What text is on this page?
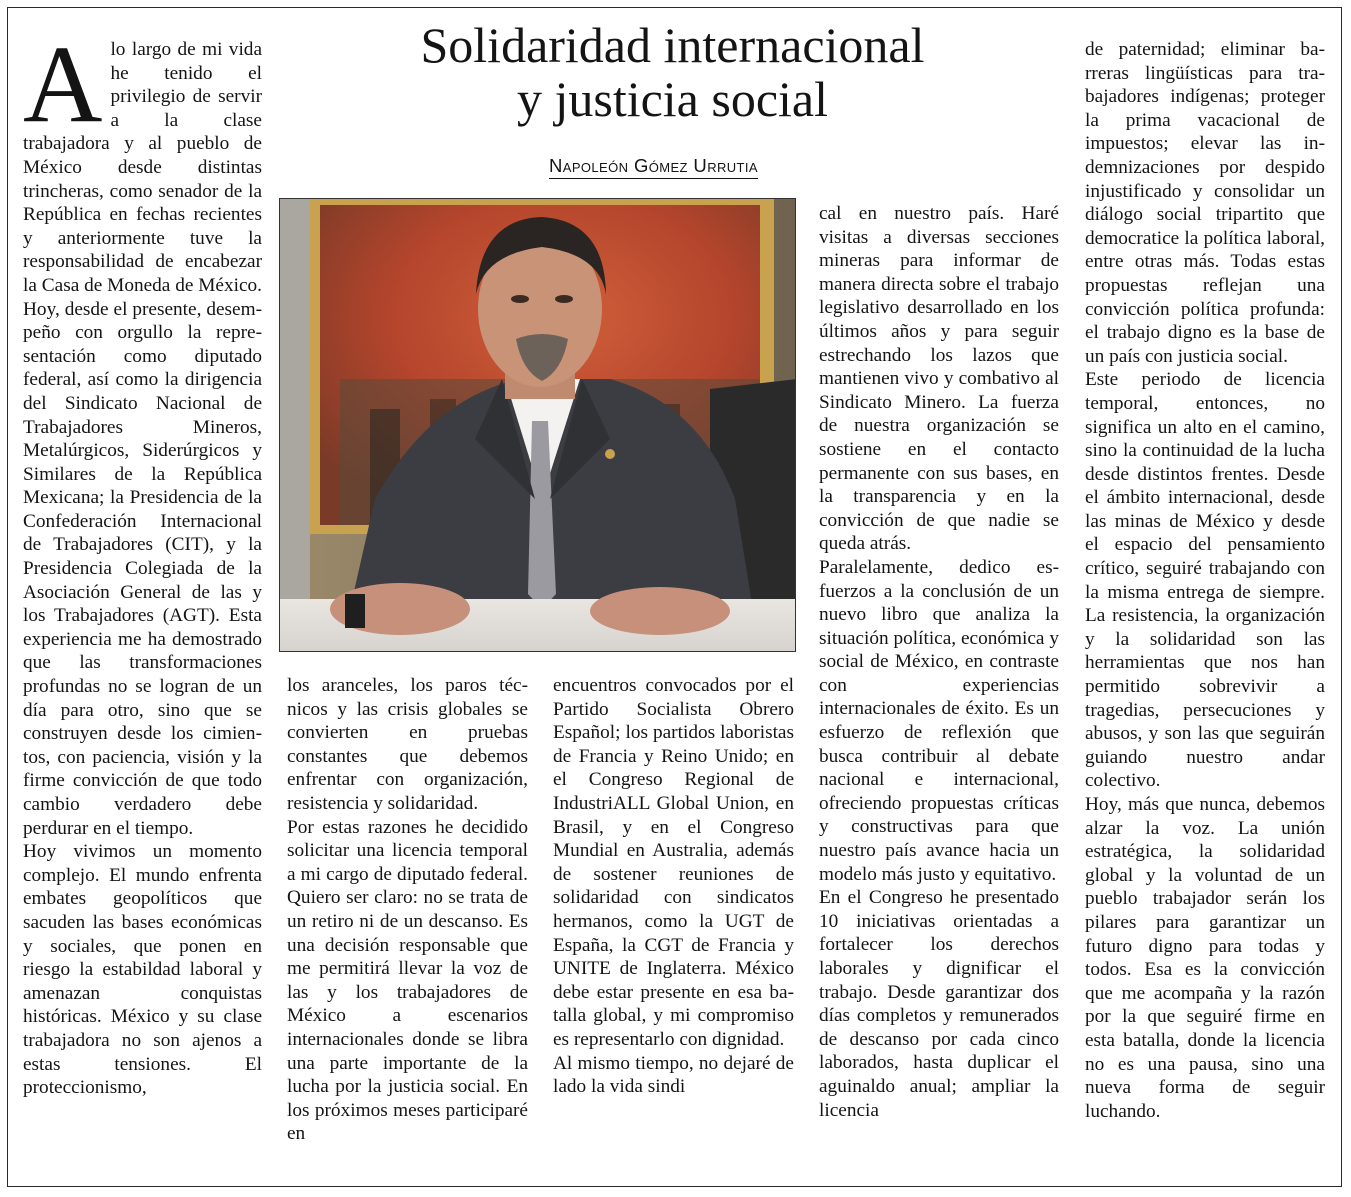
Solidaridad internacional
y justicia social
Napoleón Gómez Urrutia
A lo largo de mi vida he tenido el privilegio de servir a la clase trabajadora y al pueblo de México desde distintas trincheras, como senador de la República en fechas recientes y anteriormente tuve la responsabilidad de encabezar la Casa de Moneda de México. Hoy, desde el presente, desempeño con orgullo la representación como diputado federal, así como la dirigencia del Sindicato Nacional de Trabajadores Mineros, Metalúrgicos, Siderúrgicos y Similares de la República Mexicana; la Presidencia de la Confederación Internacional de Trabajadores (CIT), y la Presidencia Colegiada de la Asociación General de las y los Trabajadores (AGT). Esta experiencia me ha demostrado que las transformaciones profundas no se logran de un día para otro, sino que se construyen desde los cimientos, con paciencia, visión y la firme convicción de que todo cambio verdadero debe perdurar en el tiempo.

Hoy vivimos un momento complejo. El mundo enfrenta embates geopolíticos que sacuden las bases económicas y sociales, que ponen en riesgo la estabildad laboral y amenazan conquistas históricas. México y su clase trabajadora no son ajenos a estas tensiones. El proteccionismo,

los aranceles, los paros técnicos y las crisis globales se convierten en pruebas constantes que debemos enfrentar con organización, resistencia y solidaridad.

Por estas razones he decidido solicitar una licencia temporal a mi cargo de diputado federal. Quiero ser claro: no se trata de un retiro ni de un descanso. Es una decisión responsable que me permitirá llevar la voz de las y los trabajadores de México a escenarios internacionales donde se libra una parte importante de la lucha por la justicia social. En los próximos meses participaré en

encuentros convocados por el Partido Socialista Obrero Español; los partidos laboristas de Francia y Reino Unido; en el Congreso Regional de IndustriALL Global Union, en Brasil, y en el Congreso Mundial en Australia, además de sostener reuniones de solidaridad con sindicatos hermanos, como la UGT de España, la CGT de Francia y UNITE de Inglaterra. México debe estar presente en esa batalla global, y mi compromiso es representarlo con dignidad.

Al mismo tiempo, no dejaré de lado la vida sindi

cal en nuestro país. Haré visitas a diversas secciones mineras para informar de manera directa sobre el trabajo legislativo desarrollado en los últimos años y para seguir estrechando los lazos que mantienen vivo y combativo al Sindicato Minero. La fuerza de nuestra organización se sostiene en el contacto permanente con sus bases, en la transparencia y en la convicción de que nadie se queda atrás.

Paralelamente, dedico esfuerzos a la conclusión de un nuevo libro que analiza la situación política, económica y social de México, en contraste con experiencias internacionales de éxito. Es un esfuerzo de reflexión que busca contribuir al debate nacional e internacional, ofreciendo propuestas críticas y constructivas para que nuestro país avance hacia un modelo más justo y equitativo.

En el Congreso he presentado 10 iniciativas orientadas a fortalecer los derechos laborales y dignificar el trabajo. Desde garantizar dos días completos y remunerados de descanso por cada cinco laborados, hasta duplicar el aguinaldo anual; ampliar la licencia

de paternidad; eliminar barreras lingüísticas para trabajadores indígenas; proteger la prima vacacional de impuestos; elevar las indemnizaciones por despido injustificado y consolidar un diálogo social tripartito que democratice la política laboral, entre otras más. Todas estas propuestas reflejan una convicción política profunda: el trabajo digno es la base de un país con justicia social.

Este periodo de licencia temporal, entonces, no significa un alto en el camino, sino la continuidad de la lucha desde distintos frentes. Desde el ámbito internacional, desde las minas de México y desde el espacio del pensamiento crítico, seguiré trabajando con la misma entrega de siempre. La resistencia, la organización y la solidaridad son las herramientas que nos han permitido sobrevivir a tragedias, persecuciones y abusos, y son las que seguirán guiando nuestro andar colectivo.

Hoy, más que nunca, debemos alzar la voz. La unión estratégica, la solidaridad global y la voluntad de un pueblo trabajador serán los pilares para garantizar un futuro digno para todas y todos. Esa es la convicción que me acompaña y la razón por la que seguiré firme en esta batalla, donde la licencia no es una pausa, sino una nueva forma de seguir luchando.
